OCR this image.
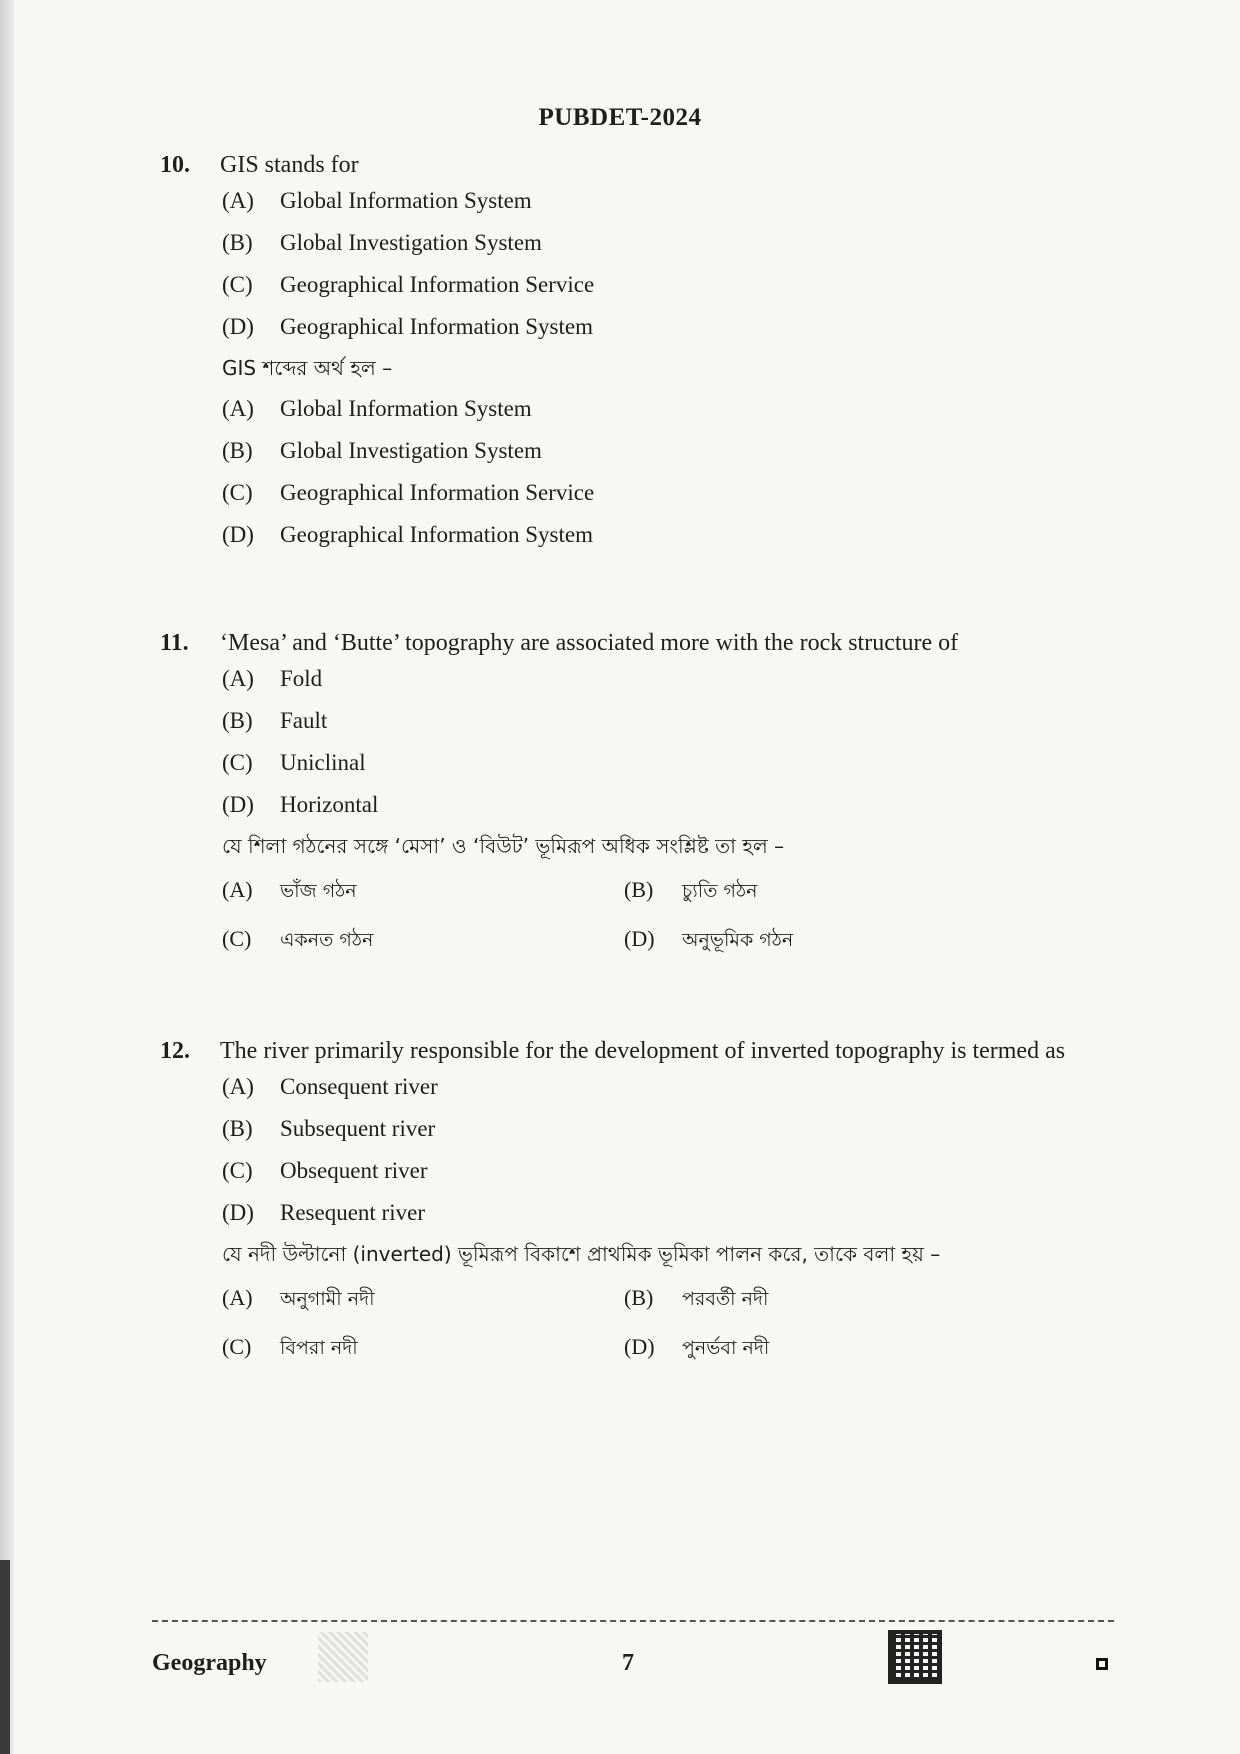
PUBDET-2024
10. GIS stands for
(A) Global Information System
(B) Global Investigation System
(C) Geographical Information Service
(D) Geographical Information System
GIS শব্দের অর্থ হল –
(A) Global Information System
(B) Global Investigation System
(C) Geographical Information Service
(D) Geographical Information System
11. ‘Mesa’ and ‘Butte’ topography are associated more with the rock structure of
(A) Fold
(B) Fault
(C) Uniclinal
(D) Horizontal
যে শিলা গঠনের সঙ্গে ‘মেসা’ ও ‘বিউট’ ভূমিরূপ অধিক সংশ্লিষ্ট তা হল –
(A) ভাঁজ গঠন	(B) চ্যুতি গঠন
(C) একনত গঠন	(D) অনুভূমিক গঠন
12. The river primarily responsible for the development of inverted topography is termed as
(A) Consequent river
(B) Subsequent river
(C) Obsequent river
(D) Resequent river
যে নদী উল্টানো (inverted) ভূমিরূপ বিকাশে প্রাথমিক ভূমিকা পালন করে, তাকে বলা হয় –
(A) অনুগামী নদী	(B) পরবর্তী নদী
(C) বিপরা নদী	(D) পুনর্ভবা নদী
Geography	7
